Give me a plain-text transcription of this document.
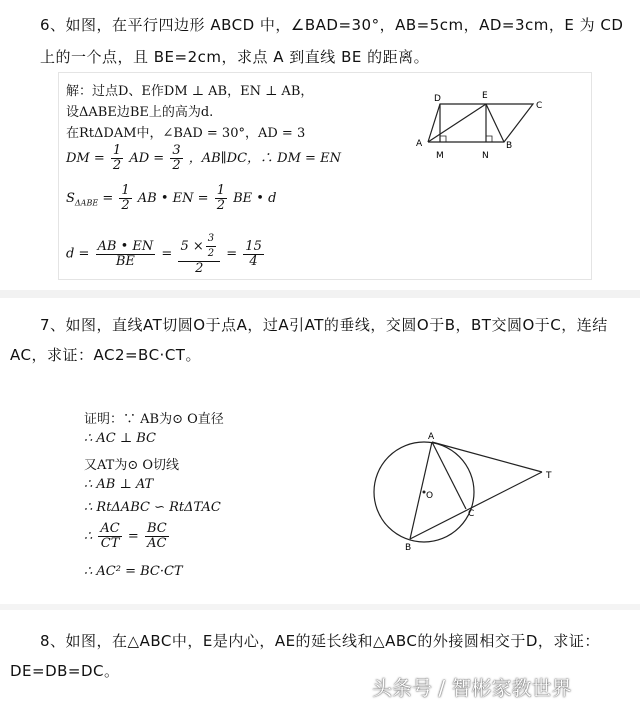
6、如图，在平行四边形 ABCD 中，∠BAD=30°，AB=5cm，AD=3cm，E 为 CD
上的一个点，且 BE=2cm，求点 A 到直线 BE 的距离。
解：过点D、E作DM ⊥ AB，EN ⊥ AB，
设ΔABE边BE上的高为d.
在RtΔDAM中，∠BAD = 30°，AD = 3
DM = $\frac{1}{2}$ AD = $\frac{3}{2}$ ，AB∥DC，∴ DM = EN
$S_{\Delta ABE} = \frac{1}{2}$ AB • EN = $\frac{1}{2}$ BE • d
$d = \frac{AB • EN}{BE} = \frac{5 \times \frac{3}{2}}{2} = \frac{15}{4}$
D	E
C
A
M	N
B
7、如图，直线AT切圆O于点A，过A引AT的垂线，交圆O于B，BT交圆O于C，连结
AC，求证：AC2=BC·CT。
证明：∵ AB为⊙ O直径
∴ AC ⊥ BC
又AT为⊙ O切线
∴ AB ⊥ AT
∴ RtΔABC ∽ RtΔTAC
∴ $\frac{AC}{CT} = \frac{BC}{AC}$
∴ AC² = BC·CT
A
O
C
B
T
8、如图，在△ABC中，E是内心，AE的延长线和△ABC的外接圆相交于D，求证：
DE=DB=DC。
头条号 / 智彬家教世界
